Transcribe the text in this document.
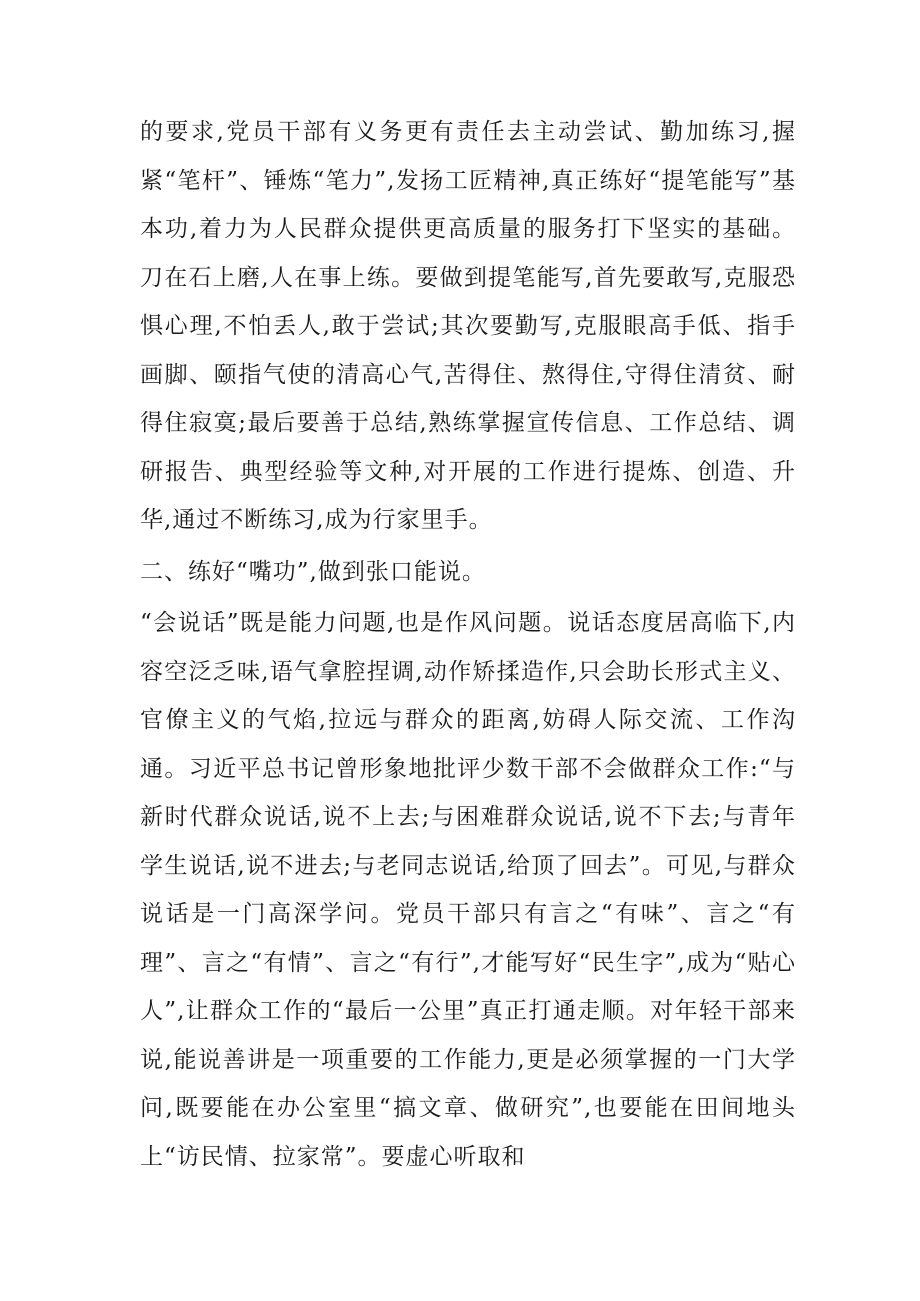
的要求,党员干部有义务更有责任去主动尝试、勤加练习,握紧“笔杆”、锤炼“笔力”,发扬工匠精神,真正练好“提笔能写”基本功,着力为人民群众提供更高质量的服务打下坚实的基础。刀在石上磨,人在事上练。要做到提笔能写,首先要敢写,克服恐惧心理,不怕丢人,敢于尝试;其次要勤写,克服眼高手低、指手画脚、颐指气使的清高心气,苦得住、熬得住,守得住清贫、耐得住寂寞;最后要善于总结,熟练掌握宣传信息、工作总结、调研报告、典型经验等文种,对开展的工作进行提炼、创造、升华,通过不断练习,成为行家里手。

二、练好“嘴功”,做到张口能说。

“会说话”既是能力问题,也是作风问题。说话态度居高临下,内容空泛乏味,语气拿腔捏调,动作矫揉造作,只会助长形式主义、官僚主义的气焰,拉远与群众的距离,妨碍人际交流、工作沟通。习近平总书记曾形象地批评少数干部不会做群众工作:“与新时代群众说话,说不上去;与困难群众说话,说不下去;与青年学生说话,说不进去;与老同志说话,给顶了回去”。可见,与群众说话是一门高深学问。党员干部只有言之“有味”、言之“有理”、言之“有情”、言之“有行”,才能写好“民生字”,成为“贴心人”,让群众工作的“最后一公里”真正打通走顺。对年轻干部来说,能说善讲是一项重要的工作能力,更是必须掌握的一门大学问,既要能在办公室里“搞文章、做研究”,也要能在田间地头上“访民情、拉家常”。要虚心听取和
